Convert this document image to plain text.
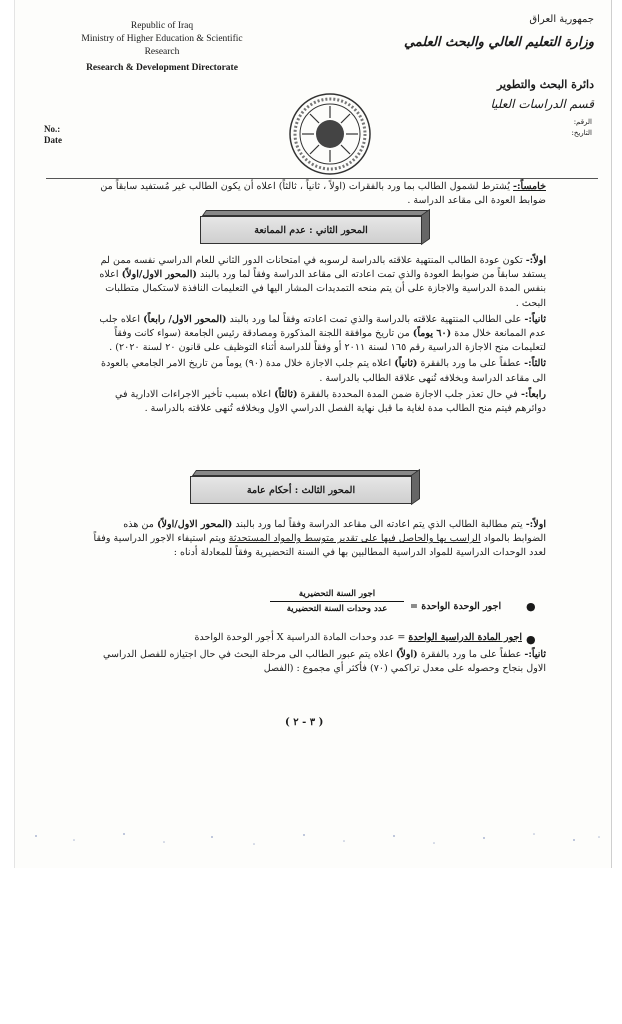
Republic of Iraq
Ministry of Higher Education & Scientific
Research
Research & Development Directorate
No.:
Date
جمهورية العراق
وزارة التعليم العالي والبحث العلمي
دائرة البحث والتطوير
قسم الدراسات العليا
الرقم:
التاريخ:

خامساً:- يُشترط لشمول الطالب بما ورد بالفقرات (اولاً ، ثانياً ، ثالثاً) اعلاه أن يكون الطالب غير مُستفيد سابقاً من ضوابط العودة الى مقاعد الدراسة .

المحور الثاني : عدم الممانعة

اولاً:- تكون عودة الطالب المنتهية علاقته بالدراسة لرسوبه في امتحانات الدور الثاني للعام الدراسي نفسه ممن لم يستفد سابقاً من ضوابط العودة والذي تمت اعادته الى مقاعد الدراسة وفقاً لما ورد بالبند (المحور الاول/اولاً) اعلاه بنفس المدة الدراسية والاجازة على أن يتم منحه التمديدات المشار اليها في التعليمات النافذة لاستكمال متطلبات البحث .

ثانياً:- على الطالب المنتهية علاقته بالدراسة والذي تمت اعادته وفقاً لما ورد بالبند (المحور الاول/ رابعاً) اعلاه جلب عدم الممانعة خلال مدة (٦٠ يوماً) من تاريخ موافقة اللجنة المذكورة ومصادقة رئيس الجامعة (سواء كانت وفقاً لتعليمات منح الاجازة الدراسية رقم ١٦٥ لسنة ٢٠١١ أو وفقاً للدراسة أثناء التوظيف على قانون ٢٠ لسنة ٢٠٢٠) .

ثالثاً:- عطفاً على ما ورد بالفقرة (ثانياً) اعلاه يتم جلب الاجازة خلال مدة (٩٠) يوماً من تاريخ الامر الجامعي بالعودة الى مقاعد الدراسة وبخلافه تُنهى علاقة الطالب بالدراسة .

رابعاً:- في حال تعذر جلب الاجازة ضمن المدة المحددة بالفقرة (ثالثاً) اعلاه بسبب تأخير الاجراءات الادارية في دوائرهم فيتم منح الطالب مدة لغاية ما قبل نهاية الفصل الدراسي الاول وبخلافه تُنهى علاقته بالدراسة .

المحور الثالث : أحكام عامة

اولاً:- يتم مطالبة الطالب الذي يتم اعادته الى مقاعد الدراسة وفقاً لما ورد بالبند (المحور الاول/اولاً) من هذه الضوابط بالمواد الراسب بها والحاصل فيها على تقدير متوسط والمواد المستحدثة ويتم استيفاء الاجور الدراسية وفقاً لعدد الوحدات الدراسية للمواد الدراسية المطالبين بها في السنة التحضيرية وفقاً للمعادلة أدناه :

●
اجور الوحدة الواحدة =
اجور السنة التحضيرية
عدد وحدات السنة التحضيرية
●
اجور المادة الدراسية الواحدة = عدد وحدات المادة الدراسية X أجور الوحدة الواحدة

ثانياً:- عطفاً على ما ورد بالفقرة (اولاً) اعلاه يتم عبور الطالب الى مرحلة البحث في حال اجتيازه للفصل الدراسي الاول بنجاح وحصوله على معدل تراكمي (٧٠) فأكثر أي مجموع : (الفصل

( ٣ - ٢ )
